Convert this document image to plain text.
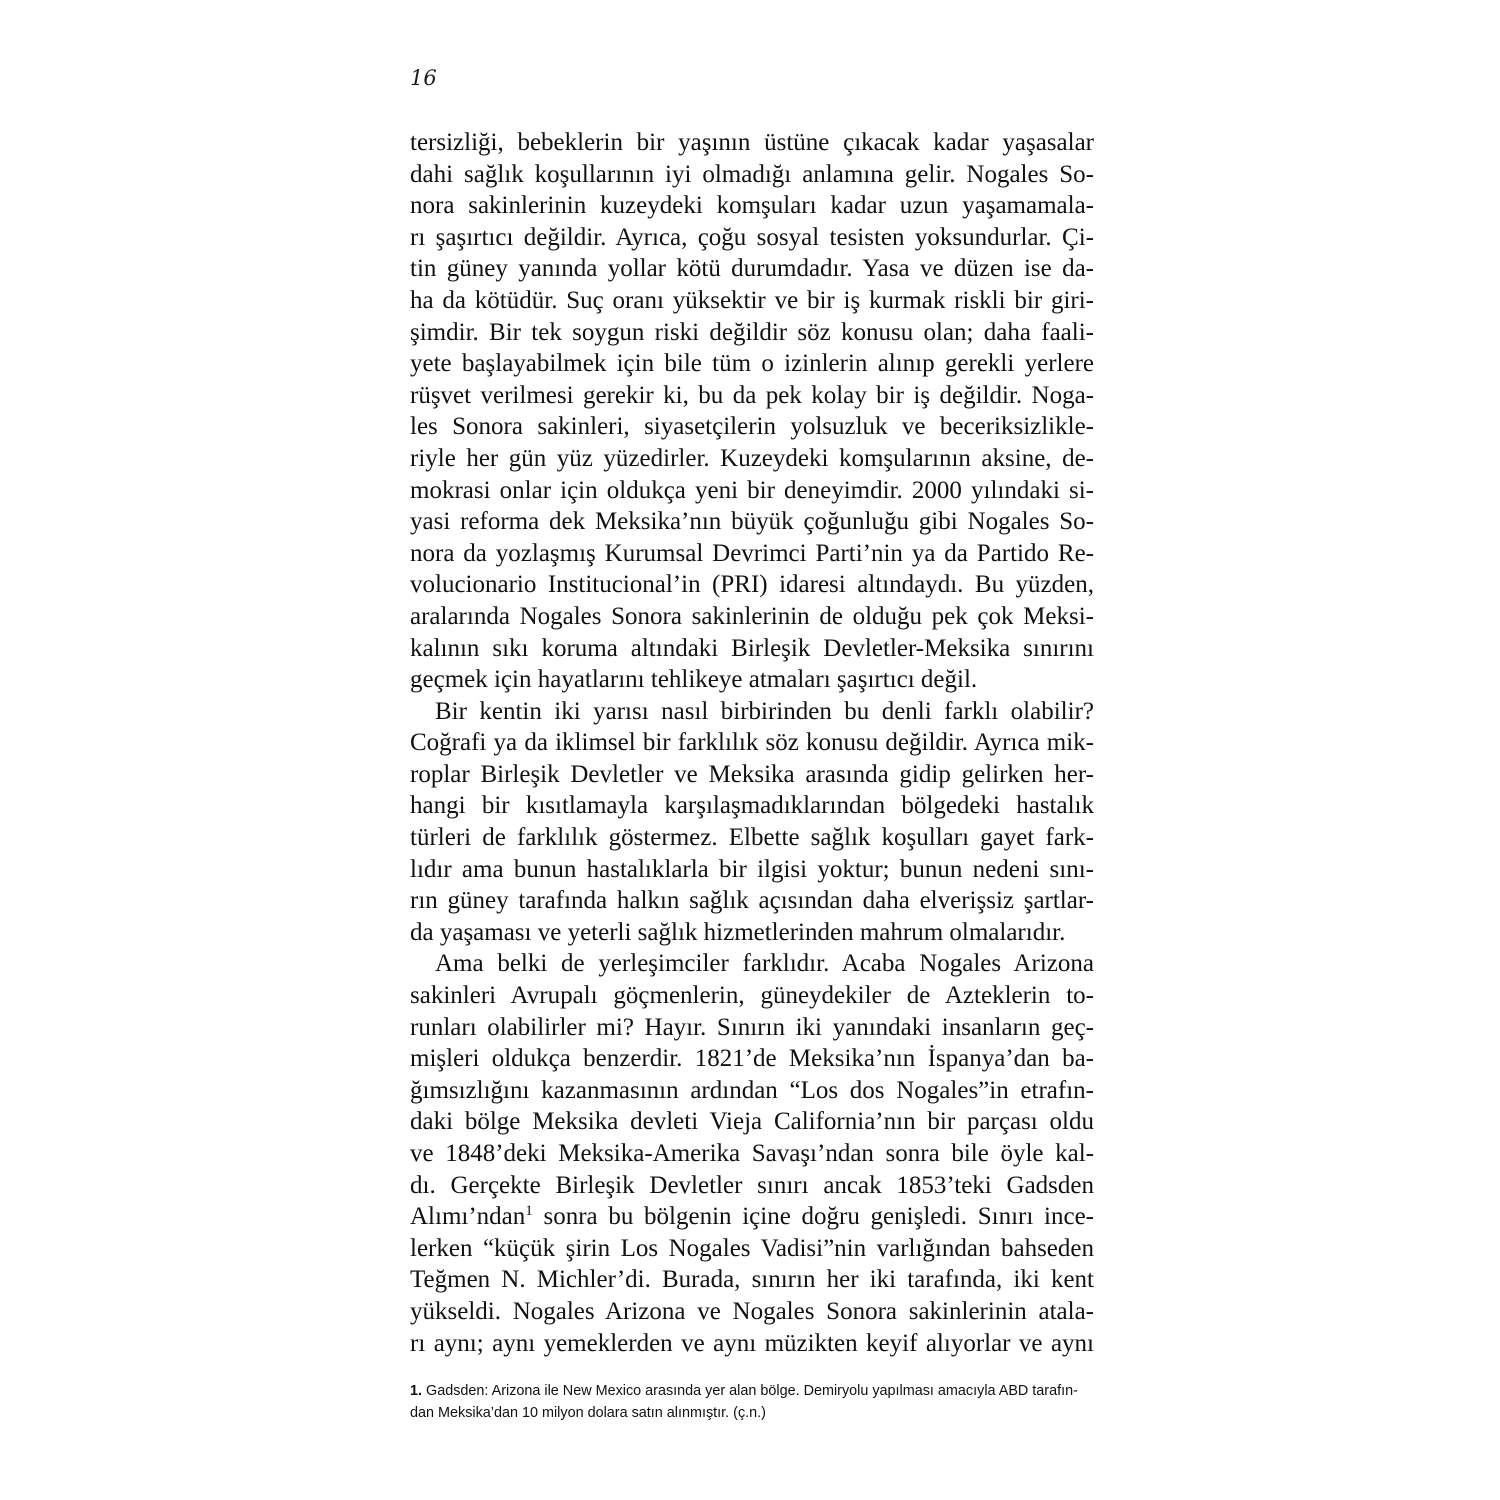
16
tersizliği, bebeklerin bir yaşının üstüne çıkacak kadar yaşasalar
dahi sağlık koşullarının iyi olmadığı anlamına gelir. Nogales So-
nora sakinlerinin kuzeydeki komşuları kadar uzun yaşamamala-
rı şaşırtıcı değildir. Ayrıca, çoğu sosyal tesisten yoksundurlar. Çi-
tin güney yanında yollar kötü durumdadır. Yasa ve düzen ise da-
ha da kötüdür. Suç oranı yüksektir ve bir iş kurmak riskli bir giri-
şimdir. Bir tek soygun riski değildir söz konusu olan; daha faali-
yete başlayabilmek için bile tüm o izinlerin alınıp gerekli yerlere
rüşvet verilmesi gerekir ki, bu da pek kolay bir iş değildir. Noga-
les Sonora sakinleri, siyasetçilerin yolsuzluk ve beceriksizlikle-
riyle her gün yüz yüzedirler. Kuzeydeki komşularının aksine, de-
mokrasi onlar için oldukça yeni bir deneyimdir. 2000 yılındaki si-
yasi reforma dek Meksika’nın büyük çoğunluğu gibi Nogales So-
nora da yozlaşmış Kurumsal Devrimci Parti’nin ya da Partido Re-
volucionario Institucional’in (PRI) idaresi altındaydı. Bu yüzden,
aralarında Nogales Sonora sakinlerinin de olduğu pek çok Meksi-
kalının sıkı koruma altındaki Birleşik Devletler-Meksika sınırını
geçmek için hayatlarını tehlikeye atmaları şaşırtıcı değil.
Bir kentin iki yarısı nasıl birbirinden bu denli farklı olabilir?
Coğrafi ya da iklimsel bir farklılık söz konusu değildir. Ayrıca mik-
roplar Birleşik Devletler ve Meksika arasında gidip gelirken her-
hangi bir kısıtlamayla karşılaşmadıklarından bölgedeki hastalık
türleri de farklılık göstermez. Elbette sağlık koşulları gayet fark-
lıdır ama bunun hastalıklarla bir ilgisi yoktur; bunun nedeni sını-
rın güney tarafında halkın sağlık açısından daha elverişsiz şartlar-
da yaşaması ve yeterli sağlık hizmetlerinden mahrum olmalarıdır.
Ama belki de yerleşimciler farklıdır. Acaba Nogales Arizona
sakinleri Avrupalı göçmenlerin, güneydekiler de Azteklerin to-
runları olabilirler mi? Hayır. Sınırın iki yanındaki insanların geç-
mişleri oldukça benzerdir. 1821’de Meksika’nın İspanya’dan ba-
ğımsızlığını kazanmasının ardından “Los dos Nogales”in etrafın-
daki bölge Meksika devleti Vieja California’nın bir parçası oldu
ve 1848’deki Meksika-Amerika Savaşı’ndan sonra bile öyle kal-
dı. Gerçekte Birleşik Devletler sınırı ancak 1853’teki Gadsden
Alımı’ndan$^1$ sonra bu bölgenin içine doğru genişledi. Sınırı ince-
lerken “küçük şirin Los Nogales Vadisi”nin varlığından bahseden
Teğmen N. Michler’di. Burada, sınırın her iki tarafında, iki kent
yükseldi. Nogales Arizona ve Nogales Sonora sakinlerinin atala-
rı aynı; aynı yemeklerden ve aynı müzikten keyif alıyorlar ve aynı
1. Gadsden: Arizona ile New Mexico arasında yer alan bölge. Demiryolu yapılması amacıyla ABD tarafın-
dan Meksika’dan 10 milyon dolara satın alınmıştır. (ç.n.)
